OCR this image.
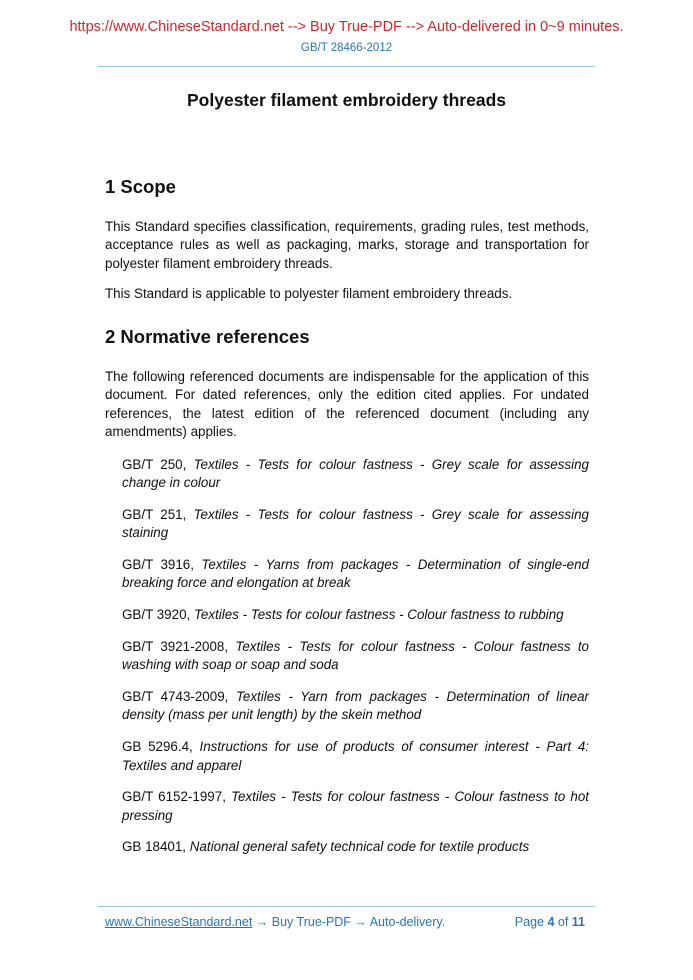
https://www.ChineseStandard.net --> Buy True-PDF --> Auto-delivered in 0~9 minutes.
GB/T 28466-2012
Polyester filament embroidery threads
1 Scope

This Standard specifies classification, requirements, grading rules, test methods, acceptance rules as well as packaging, marks, storage and transportation for polyester filament embroidery threads.

This Standard is applicable to polyester filament embroidery threads.

2 Normative references

The following referenced documents are indispensable for the application of this document. For dated references, only the edition cited applies. For undated references, the latest edition of the referenced document (including any amendments) applies.

GB/T 250, Textiles - Tests for colour fastness - Grey scale for assessing change in colour

GB/T 251, Textiles - Tests for colour fastness - Grey scale for assessing staining

GB/T 3916, Textiles - Yarns from packages - Determination of single-end breaking force and elongation at break

GB/T 3920, Textiles - Tests for colour fastness - Colour fastness to rubbing

GB/T 3921-2008, Textiles - Tests for colour fastness - Colour fastness to washing with soap or soap and soda

GB/T 4743-2009, Textiles - Yarn from packages - Determination of linear density (mass per unit length) by the skein method

GB 5296.4, Instructions for use of products of consumer interest - Part 4: Textiles and apparel

GB/T 6152-1997, Textiles - Tests for colour fastness - Colour fastness to hot pressing

GB 18401, National general safety technical code for textile products

www.ChineseStandard.net → Buy True-PDF → Auto-delivery.	Page 4 of 11
